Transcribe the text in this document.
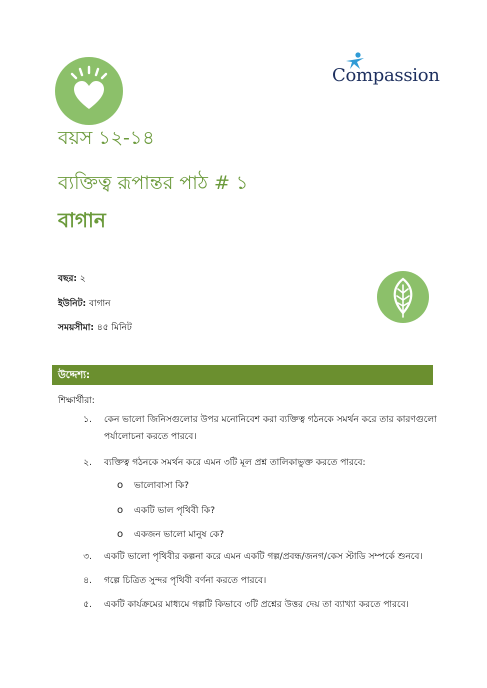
Compassion
বয়স ১২-১৪
ব্যক্তিত্ব রূপান্তর পাঠ # ১
বাগান
বছর: ২
ইউনিট: বাগান
সময়সীমা: ৪৫ মিনিট
উদ্দেশ্য:
শিক্ষার্থীরা:
১. কেন ভালো জিনিসগুলোর উপর মনোনিবেশ করা ব্যক্তিত্ব গঠনকে সমর্থন করে তার কারণগুলো
পর্যালোচনা করতে পারবে।
২. ব্যক্তিত্ব গঠনকে সমর্থন করে এমন ৩টি মূল প্রশ্ন তালিকাভুক্ত করতে পারবে:
o ভালোবাসা কি?
o একটি ভাল পৃথিবী কি?
o একজন ভালো মানুষ কে?
৩. একটি ভালো পৃথিবীর কল্পনা করে এমন একটি গল্প/প্রবন্ধ/জনগ/কেস স্টাডি সম্পর্কে শুনবে।
৪. গল্পে চিত্রিত সুন্দর পৃথিবী বর্ণনা করতে পারবে।
৫. একটি কার্যক্রমের মাধ্যমে গল্পটি কিভাবে ৩টি প্রশ্নের উত্তর দেয় তা ব্যাখ্যা করতে পারবে।
